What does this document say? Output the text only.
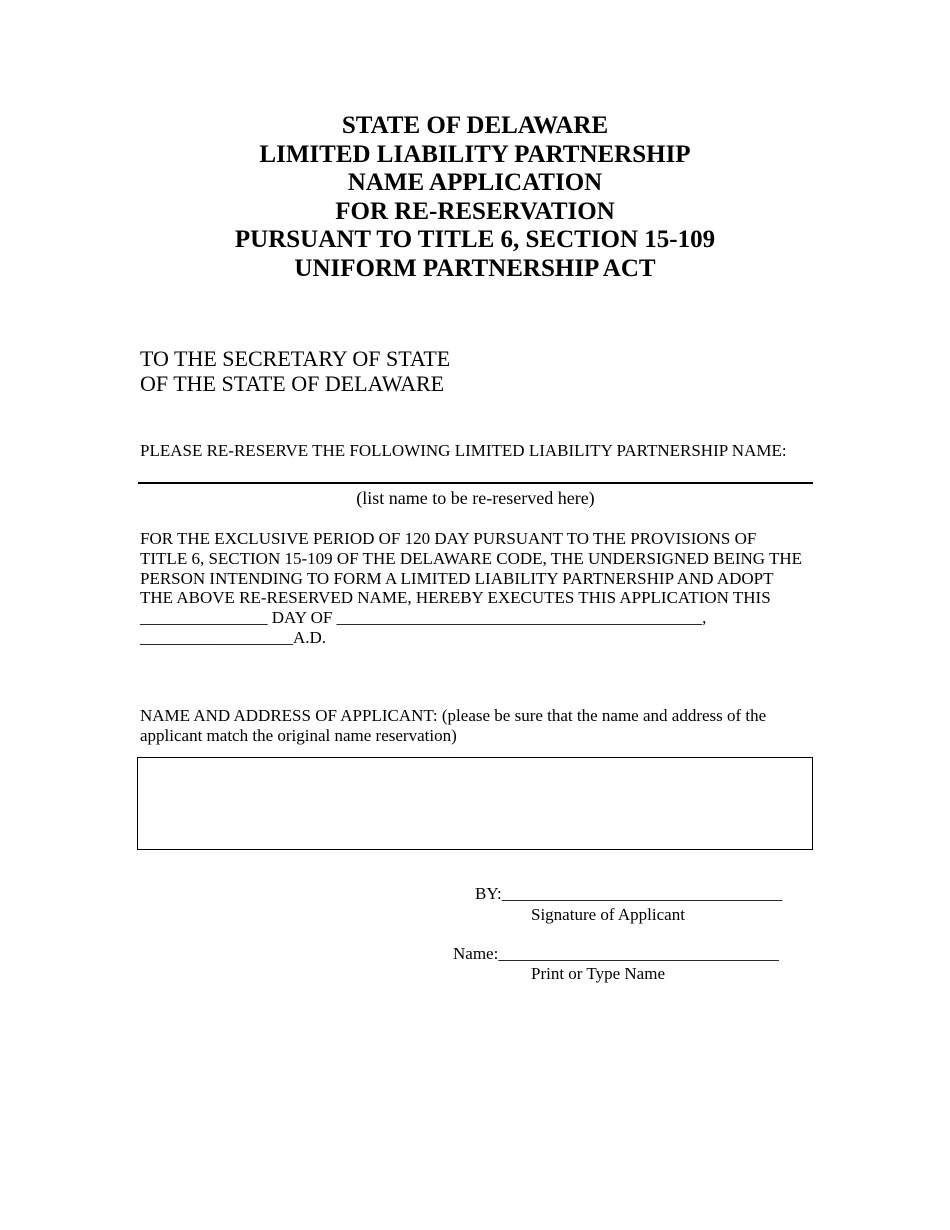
STATE OF DELAWARE
LIMITED LIABILITY PARTNERSHIP
NAME APPLICATION
FOR RE-RESERVATION
PURSUANT TO TITLE 6, SECTION 15-109
UNIFORM PARTNERSHIP ACT
TO THE SECRETARY OF STATE
OF THE STATE OF DELAWARE
PLEASE RE-RESERVE THE FOLLOWING LIMITED LIABILITY PARTNERSHIP NAME:
(list name to be re-reserved here)
FOR THE EXCLUSIVE PERIOD OF 120 DAY PURSUANT TO THE PROVISIONS OF
TITLE 6, SECTION 15-109 OF THE DELAWARE CODE, THE UNDERSIGNED BEING THE
PERSON INTENDING TO FORM A LIMITED LIABILITY PARTNERSHIP AND ADOPT
THE ABOVE RE-RESERVED NAME, HEREBY EXECUTES THIS APPLICATION THIS
_______________ DAY OF ___________________________________________,
__________________A.D.
NAME AND ADDRESS OF APPLICANT: (please be sure that the name and address of the applicant match the original name reservation)
BY:_________________________________
Signature of Applicant
Name:_________________________________
Print or Type Name
